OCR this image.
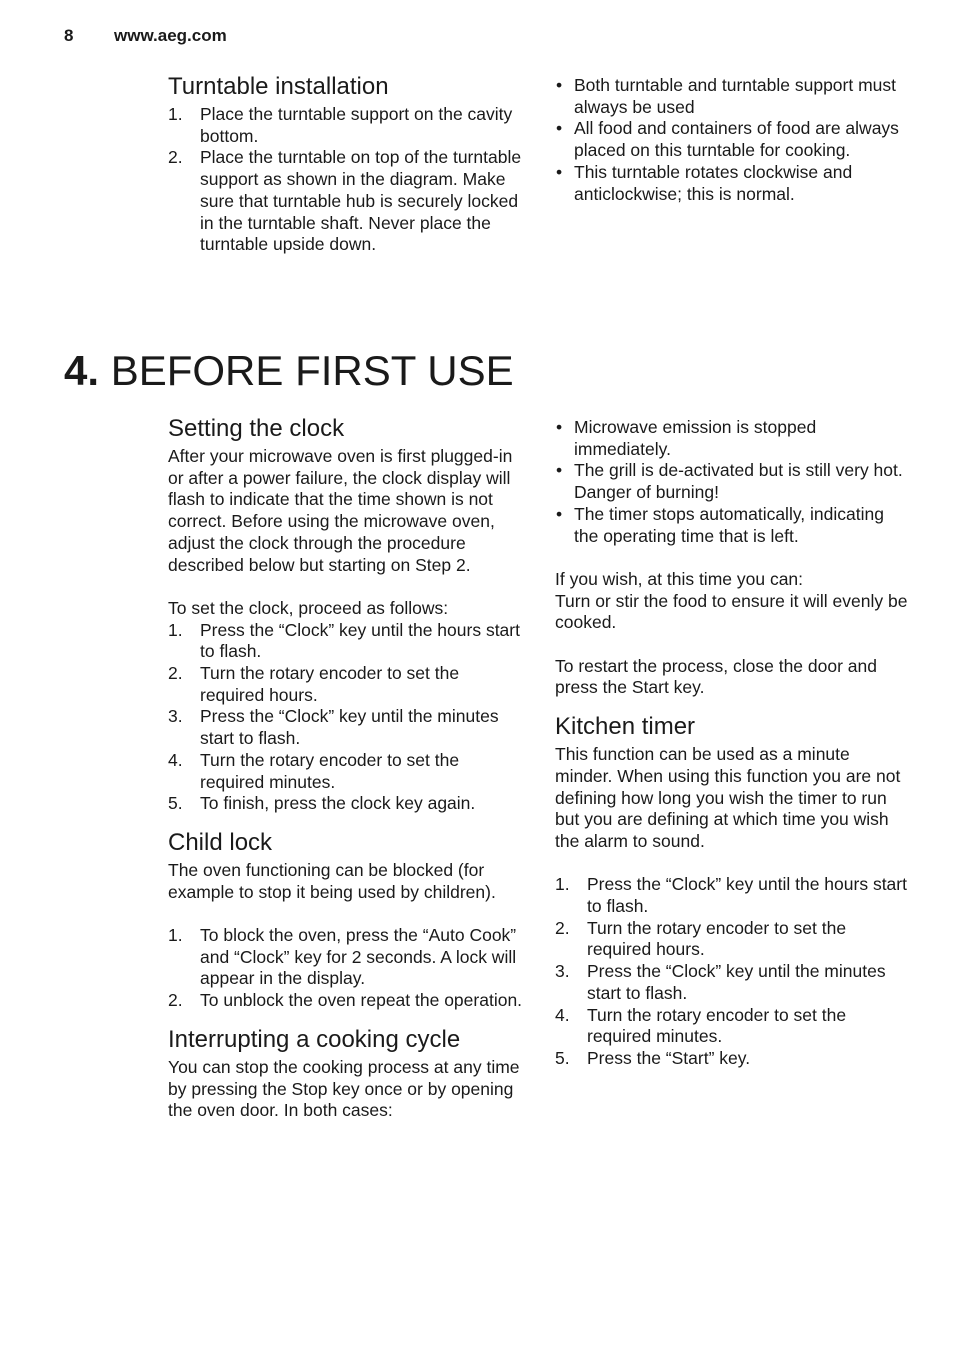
8 www.aeg.com
Turntable installation
1. Place the turntable support on the cavity bottom.
2. Place the turntable on top of the turntable support as shown in the diagram. Make sure that turntable hub is securely locked in the turntable shaft. Never place the turntable upside down.
• Both turntable and turntable support must always be used
• All food and containers of food are always placed on this turntable for cooking.
• This turntable rotates clockwise and anticlockwise; this is normal.
4. BEFORE FIRST USE
Setting the clock

After your microwave oven is first plugged-in or after a power failure, the clock display will flash to indicate that the time shown is not correct. Before using the microwave oven, adjust the clock through the procedure described below but starting on Step 2.

To set the clock, proceed as follows:

1. Press the “Clock” key until the hours start to flash.
2. Turn the rotary encoder to set the required hours.
3. Press the “Clock” key until the minutes start to flash.
4. Turn the rotary encoder to set the required minutes.
5. To finish, press the clock key again.
Child lock

The oven functioning can be blocked (for example to stop it being used by children).

1. To block the oven, press the “Auto Cook” and “Clock” key for 2 seconds. A lock will appear in the display.
2. To unblock the oven repeat the operation.
Interrupting a cooking cycle

You can stop the cooking process at any time by pressing the Stop key once or by opening the oven door. In both cases:

• Microwave emission is stopped immediately.
• The grill is de-activated but is still very hot. Danger of burning!
• The timer stops automatically, indicating the operating time that is left.

If you wish, at this time you can:

Turn or stir the food to ensure it will evenly be cooked.

To restart the process, close the door and press the Start key.

Kitchen timer

This function can be used as a minute minder. When using this function you are not defining how long you wish the timer to run but you are defining at which time you wish the alarm to sound.

1. Press the “Clock” key until the hours start to flash.
2. Turn the rotary encoder to set the required hours.
3. Press the “Clock” key until the minutes start to flash.
4. Turn the rotary encoder to set the required minutes.
5. Press the “Start” key.
